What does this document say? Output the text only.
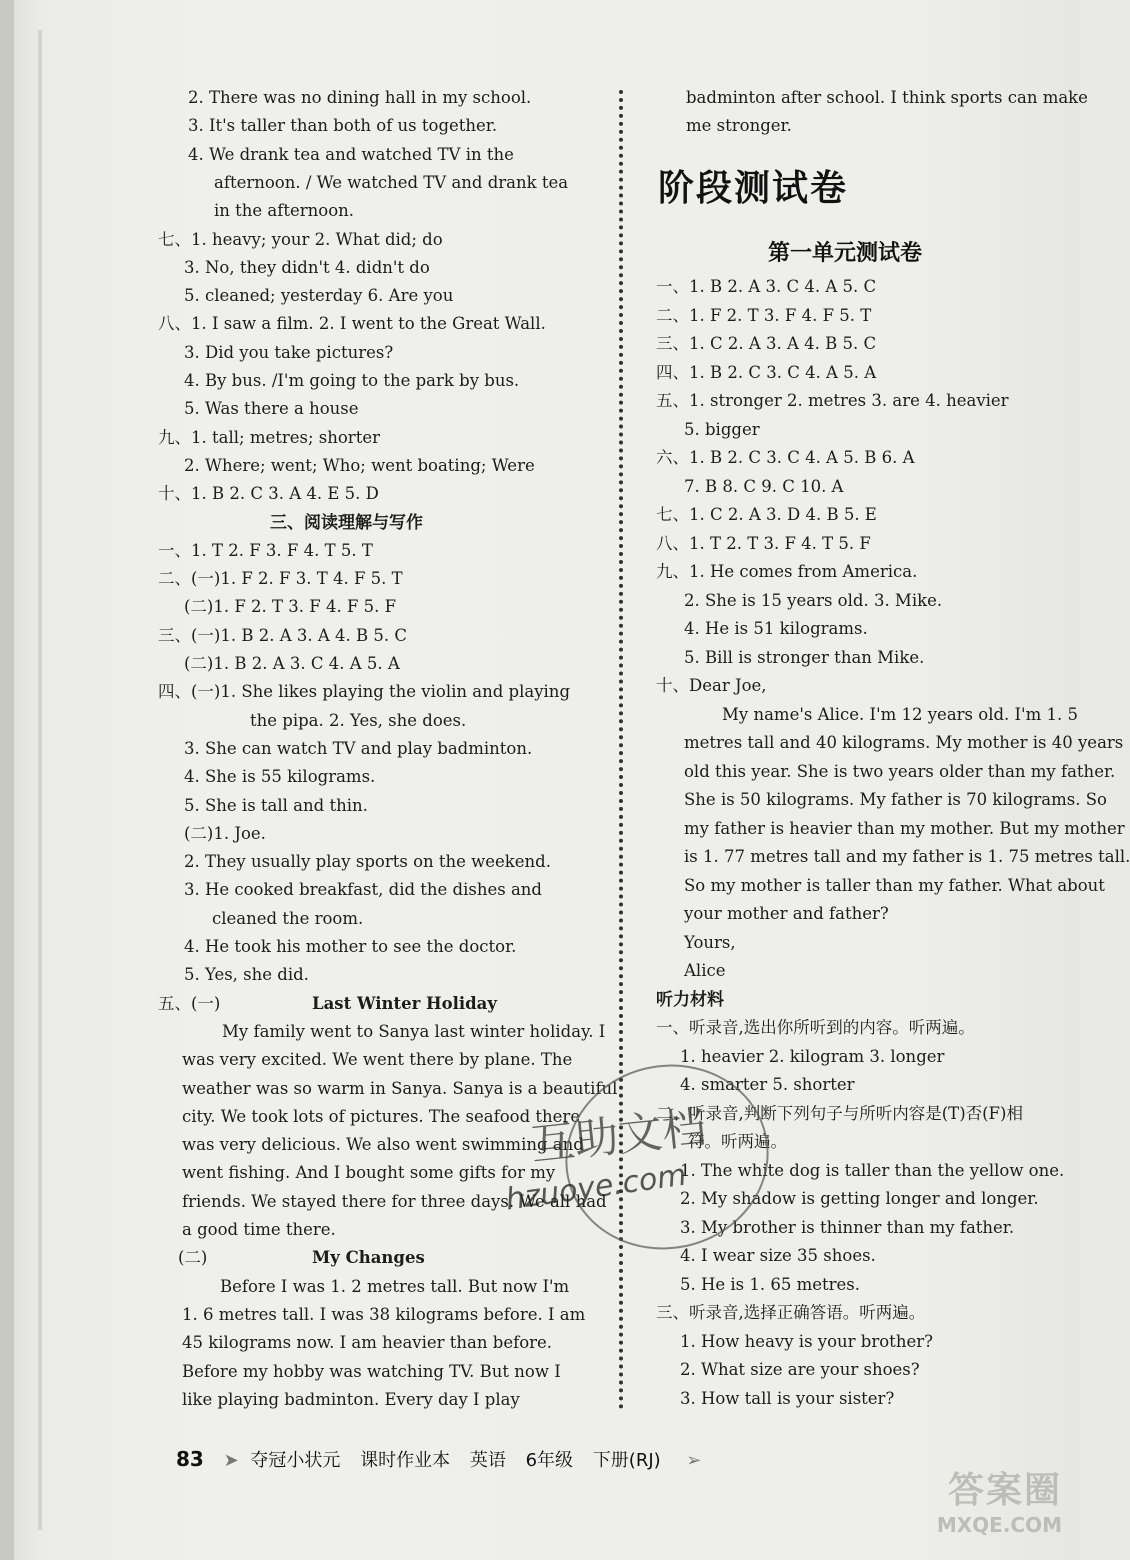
2. There was no dining hall in my school.
3. It's taller than both of us together.
4. We drank tea and watched TV in the
afternoon. / We watched TV and drank tea
in the afternoon.
七、1. heavy; your 2. What did; do
3. No, they didn't 4. didn't do
5. cleaned; yesterday 6. Are you
八、1. I saw a film. 2. I went to the Great Wall.
3. Did you take pictures?
4. By bus. /I'm going to the park by bus.
5. Was there a house
九、1. tall; metres; shorter
2. Where; went; Who; went boating; Were
十、1. B 2. C 3. A 4. E 5. D
三、阅读理解与写作
一、1. T 2. F 3. F 4. T 5. T
二、(一)1. F 2. F 3. T 4. F 5. T
(二)1. F 2. T 3. F 4. F 5. F
三、(一)1. B 2. A 3. A 4. B 5. C
(二)1. B 2. A 3. C 4. A 5. A
四、(一)1. She likes playing the violin and playing
the pipa. 2. Yes, she does.
3. She can watch TV and play badminton.
4. She is 55 kilograms.
5. She is tall and thin.
(二)1. Joe.
2. They usually play sports on the weekend.
3. He cooked breakfast, did the dishes and
cleaned the room.
4. He took his mother to see the doctor.
5. Yes, she did.
五、(一)	Last Winter Holiday
My family went to Sanya last winter holiday. I
was very excited. We went there by plane. The
weather was so warm in Sanya. Sanya is a beautiful
city. We took lots of pictures. The seafood there
was very delicious. We also went swimming and
went fishing. And I bought some gifts for my
friends. We stayed there for three days. We all had
a good time there.
(二)	My Changes
Before I was 1. 2 metres tall. But now I'm
1. 6 metres tall. I was 38 kilograms before. I am
45 kilograms now. I am heavier than before.
Before my hobby was watching TV. But now I
like playing badminton. Every day I play
badminton after school. I think sports can make
me stronger.
阶段测试卷
第一单元测试卷
一、1. B 2. A 3. C 4. A 5. C
二、1. F 2. T 3. F 4. F 5. T
三、1. C 2. A 3. A 4. B 5. C
四、1. B 2. C 3. C 4. A 5. A
五、1. stronger 2. metres 3. are 4. heavier
5. bigger
六、1. B 2. C 3. C 4. A 5. B 6. A
7. B 8. C 9. C 10. A
七、1. C 2. A 3. D 4. B 5. E
八、1. T 2. T 3. F 4. T 5. F
九、1. He comes from America.
2. She is 15 years old. 3. Mike.
4. He is 51 kilograms.
5. Bill is stronger than Mike.
十、Dear Joe,
My name's Alice. I'm 12 years old. I'm 1. 5
metres tall and 40 kilograms. My mother is 40 years
old this year. She is two years older than my father.
She is 50 kilograms. My father is 70 kilograms. So
my father is heavier than my mother. But my mother
is 1. 77 metres tall and my father is 1. 75 metres tall.
So my mother is taller than my father. What about
your mother and father?
Yours,
Alice
听力材料
一、听录音,选出你所听到的内容。听两遍。
1. heavier 2. kilogram 3. longer
4. smarter 5. shorter
二、听录音,判断下列句子与所听内容是(T)否(F)相
符。听两遍。
1. The white dog is taller than the yellow one.
2. My shadow is getting longer and longer.
3. My brother is thinner than my father.
4. I wear size 35 shoes.
5. He is 1. 65 metres.
三、听录音,选择正确答语。听两遍。
1. How heavy is your brother?
2. What size are your shoes?
3. How tall is your sister?
互助文档
hzuoye.com
83 ➤ 夺冠小状元 课时作业本 英语 6年级 下册(RJ) ➢
答案圈
MXQE.COM
